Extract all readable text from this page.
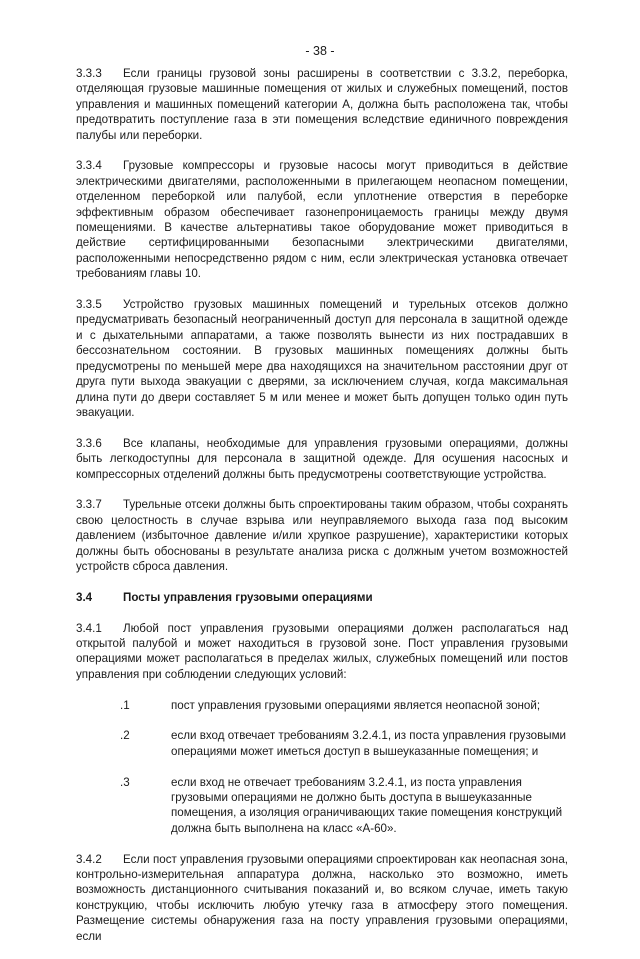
- 38 -

3.3.3 Если границы грузовой зоны расширены в соответствии с 3.3.2, переборка, отделяющая грузовые машинные помещения от жилых и служебных помещений, постов управления и машинных помещений категории А, должна быть расположена так, чтобы предотвратить поступление газа в эти помещения вследствие единичного повреждения палубы или переборки.

3.3.4 Грузовые компрессоры и грузовые насосы могут приводиться в действие электрическими двигателями, расположенными в прилегающем неопасном помещении, отделенном переборкой или палубой, если уплотнение отверстия в переборке эффективным образом обеспечивает газонепроницаемость границы между двумя помещениями. В качестве альтернативы такое оборудование может приводиться в действие сертифицированными безопасными электрическими двигателями, расположенными непосредственно рядом с ним, если электрическая установка отвечает требованиям главы 10.

3.3.5 Устройство грузовых машинных помещений и турельных отсеков должно предусматривать безопасный неограниченный доступ для персонала в защитной одежде и с дыхательными аппаратами, а также позволять вынести из них пострадавших в бессознательном состоянии. В грузовых машинных помещениях должны быть предусмотрены по меньшей мере два находящихся на значительном расстоянии друг от друга пути выхода эвакуации с дверями, за исключением случая, когда максимальная длина пути до двери составляет 5 м или менее и может быть допущен только один путь эвакуации.

3.3.6 Все клапаны, необходимые для управления грузовыми операциями, должны быть легкодоступны для персонала в защитной одежде. Для осушения насосных и компрессорных отделений должны быть предусмотрены соответствующие устройства.

3.3.7 Турельные отсеки должны быть спроектированы таким образом, чтобы сохранять свою целостность в случае взрыва или неуправляемого выхода газа под высоким давлением (избыточное давление и/или хрупкое разрушение), характеристики которых должны быть обоснованы в результате анализа риска с должным учетом возможностей устройств сброса давления.

3.4	Посты управления грузовыми операциями

3.4.1 Любой пост управления грузовыми операциями должен располагаться над открытой палубой и может находиться в грузовой зоне. Пост управления грузовыми операциями может располагаться в пределах жилых, служебных помещений или постов управления при соблюдении следующих условий:

.1	пост управления грузовыми операциями является неопасной зоной;
.2	если вход отвечает требованиям 3.2.4.1, из поста управления грузовыми операциями может иметься доступ в вышеуказанные помещения; и
.3	если вход не отвечает требованиям 3.2.4.1, из поста управления грузовыми операциями не должно быть доступа в вышеуказанные помещения, а изоляция ограничивающих такие помещения конструкций должна быть выполнена на класс «А-60».

3.4.2 Если пост управления грузовыми операциями спроектирован как неопасная зона, контрольно-измерительная аппаратура должна, насколько это возможно, иметь возможность дистанционного считывания показаний и, во всяком случае, иметь такую конструкцию, чтобы исключить любую утечку газа в атмосферу этого помещения. Размещение системы обнаружения газа на посту управления грузовыми операциями, если
